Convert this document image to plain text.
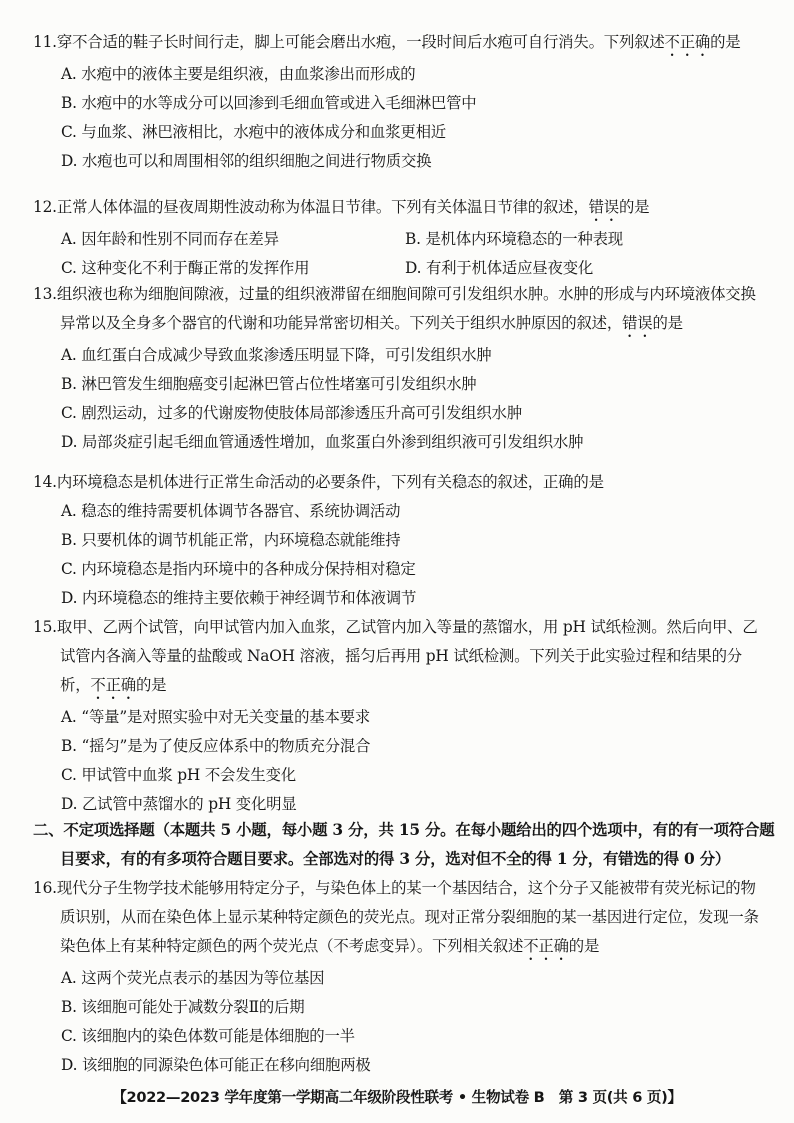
11.穿不合适的鞋子长时间行走，脚上可能会磨出水疱，一段时间后水疱可自行消失。下列叙述不正确的是
A. 水疱中的液体主要是组织液，由血浆渗出而形成的
B. 水疱中的水等成分可以回渗到毛细血管或进入毛细淋巴管中
C. 与血浆、淋巴液相比，水疱中的液体成分和血浆更相近
D. 水疱也可以和周围相邻的组织细胞之间进行物质交换
12.正常人体体温的昼夜周期性波动称为体温日节律。下列有关体温日节律的叙述，错误的是
A. 因年龄和性别不同而存在差异	B. 是机体内环境稳态的一种表现
C. 这种变化不利于酶正常的发挥作用	D. 有利于机体适应昼夜变化
13.组织液也称为细胞间隙液，过量的组织液滞留在细胞间隙可引发组织水肿。水肿的形成与内环境液体交换异常以及全身多个器官的代谢和功能异常密切相关。下列关于组织水肿原因的叙述，错误的是
A. 血红蛋白合成减少导致血浆渗透压明显下降，可引发组织水肿
B. 淋巴管发生细胞癌变引起淋巴管占位性堵塞可引发组织水肿
C. 剧烈运动，过多的代谢废物使肢体局部渗透压升高可引发组织水肿
D. 局部炎症引起毛细血管通透性增加，血浆蛋白外渗到组织液可引发组织水肿
14.内环境稳态是机体进行正常生命活动的必要条件，下列有关稳态的叙述，正确的是
A. 稳态的维持需要机体调节各器官、系统协调活动
B. 只要机体的调节机能正常，内环境稳态就能维持
C. 内环境稳态是指内环境中的各种成分保持相对稳定
D. 内环境稳态的维持主要依赖于神经调节和体液调节
15.取甲、乙两个试管，向甲试管内加入血浆，乙试管内加入等量的蒸馏水，用 pH 试纸检测。然后向甲、乙试管内各滴入等量的盐酸或 NaOH 溶液，摇匀后再用 pH 试纸检测。下列关于此实验过程和结果的分析，不正确的是
A. “等量”是对照实验中对无关变量的基本要求
B. “摇匀”是为了使反应体系中的物质充分混合
C. 甲试管中血浆 pH 不会发生变化
D. 乙试管中蒸馏水的 pH 变化明显
二、不定项选择题（本题共 5 小题，每小题 3 分，共 15 分。在每小题给出的四个选项中，有的有一项符合题目要求，有的有多项符合题目要求。全部选对的得 3 分，选对但不全的得 1 分，有错选的得 0 分）
16.现代分子生物学技术能够用特定分子，与染色体上的某一个基因结合，这个分子又能被带有荧光标记的物质识别，从而在染色体上显示某种特定颜色的荧光点。现对正常分裂细胞的某一基因进行定位，发现一条染色体上有某种特定颜色的两个荧光点（不考虑变异）。下列相关叙述不正确的是
A. 这两个荧光点表示的基因为等位基因
B. 该细胞可能处于减数分裂Ⅱ的后期
C. 该细胞内的染色体数可能是体细胞的一半
D. 该细胞的同源染色体可能正在移向细胞两极
【2022—2023 学年度第一学期高二年级阶段性联考 • 生物试卷 B　第 3 页(共 6 页)】
